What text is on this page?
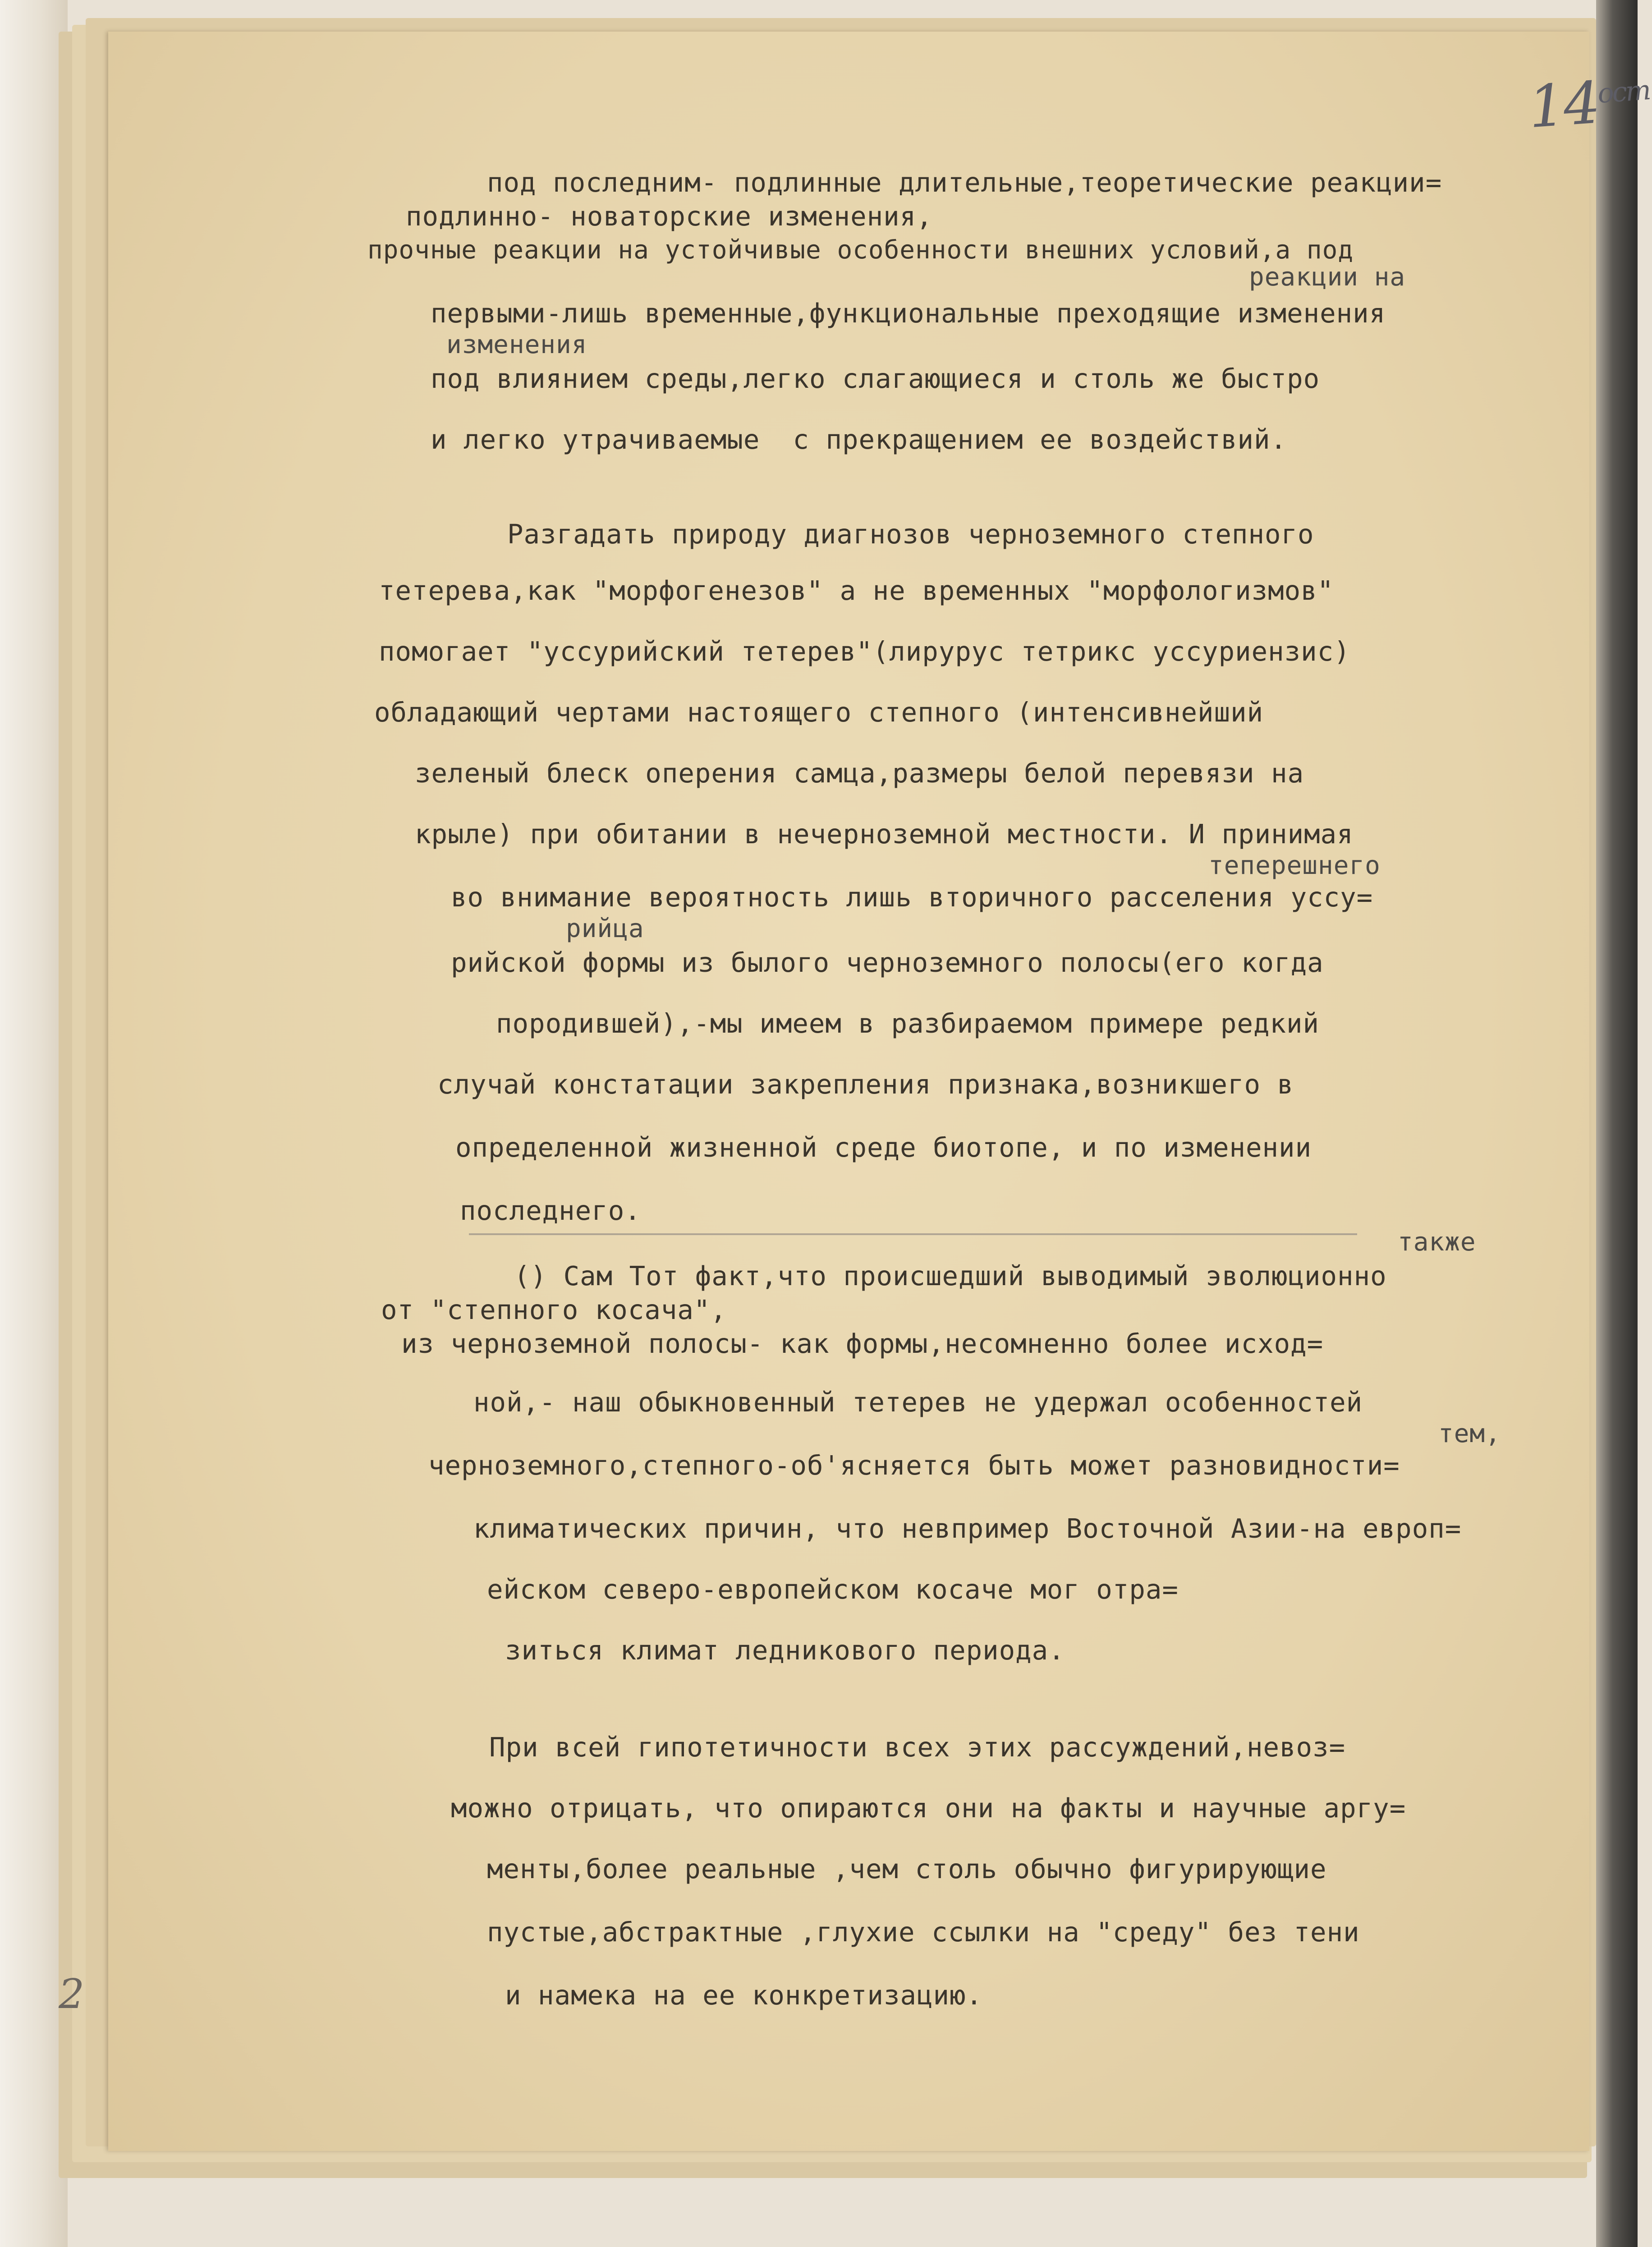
$14^{ост}$
под последним- подлинные длительные,теоретические реакции=
подлинно- новаторские изменения,
прочные реакции на устойчивые особенности внешних условий,а под
реакции на
первыми-лишь временные,функциональные преходящие изменения
изменения
под влиянием среды,легко слагающиеся и столь же быстро
и легко утрачиваемые  с прекращением ее воздействий.
Разгадать природу диагнозов черноземного степного
тетерева,как "морфогенезов" а не временных "морфологизмов"
помогает "уссурийский тетерев"(лирурус тетрикс уссуриензис)
обладающий чертами настоящего степного (интенсивнейший
зеленый блеск оперения самца,размеры белой перевязи на
крыле) при обитании в нечерноземной местности. И принимая
теперешнего
во внимание вероятность лишь вторичного расселения уссу=
рийца
рийской формы из былого черноземного полосы(его когда
породившей),-мы имеем в разбираемом примере редкий
случай констатации закрепления признака,возникшего в
определенной жизненной среде биотопе, и по изменении
последнего.
также
() Сам Тот факт,что происшедший выводимый эволюционно
от "степного косача",
из черноземной полосы- как формы,несомненно более исход=
ной,- наш обыкновенный тетерев не удержал особенностей
тем,
черноземного,степного-об'ясняется быть может разновидности=
климатических причин, что невпример Восточной Азии-на европ=
ейском северо-европейском косаче мог отра=
зиться климат ледникового периода.
При всей гипотетичности всех этих рассуждений,невоз=
можно отрицать, что опираются они на факты и научные аргу=
менты,более реальные ,чем столь обычно фигурирующие
пустые,абстрактные ,глухие ссылки на "среду" без тени
и намека на ее конкретизацию.
2
